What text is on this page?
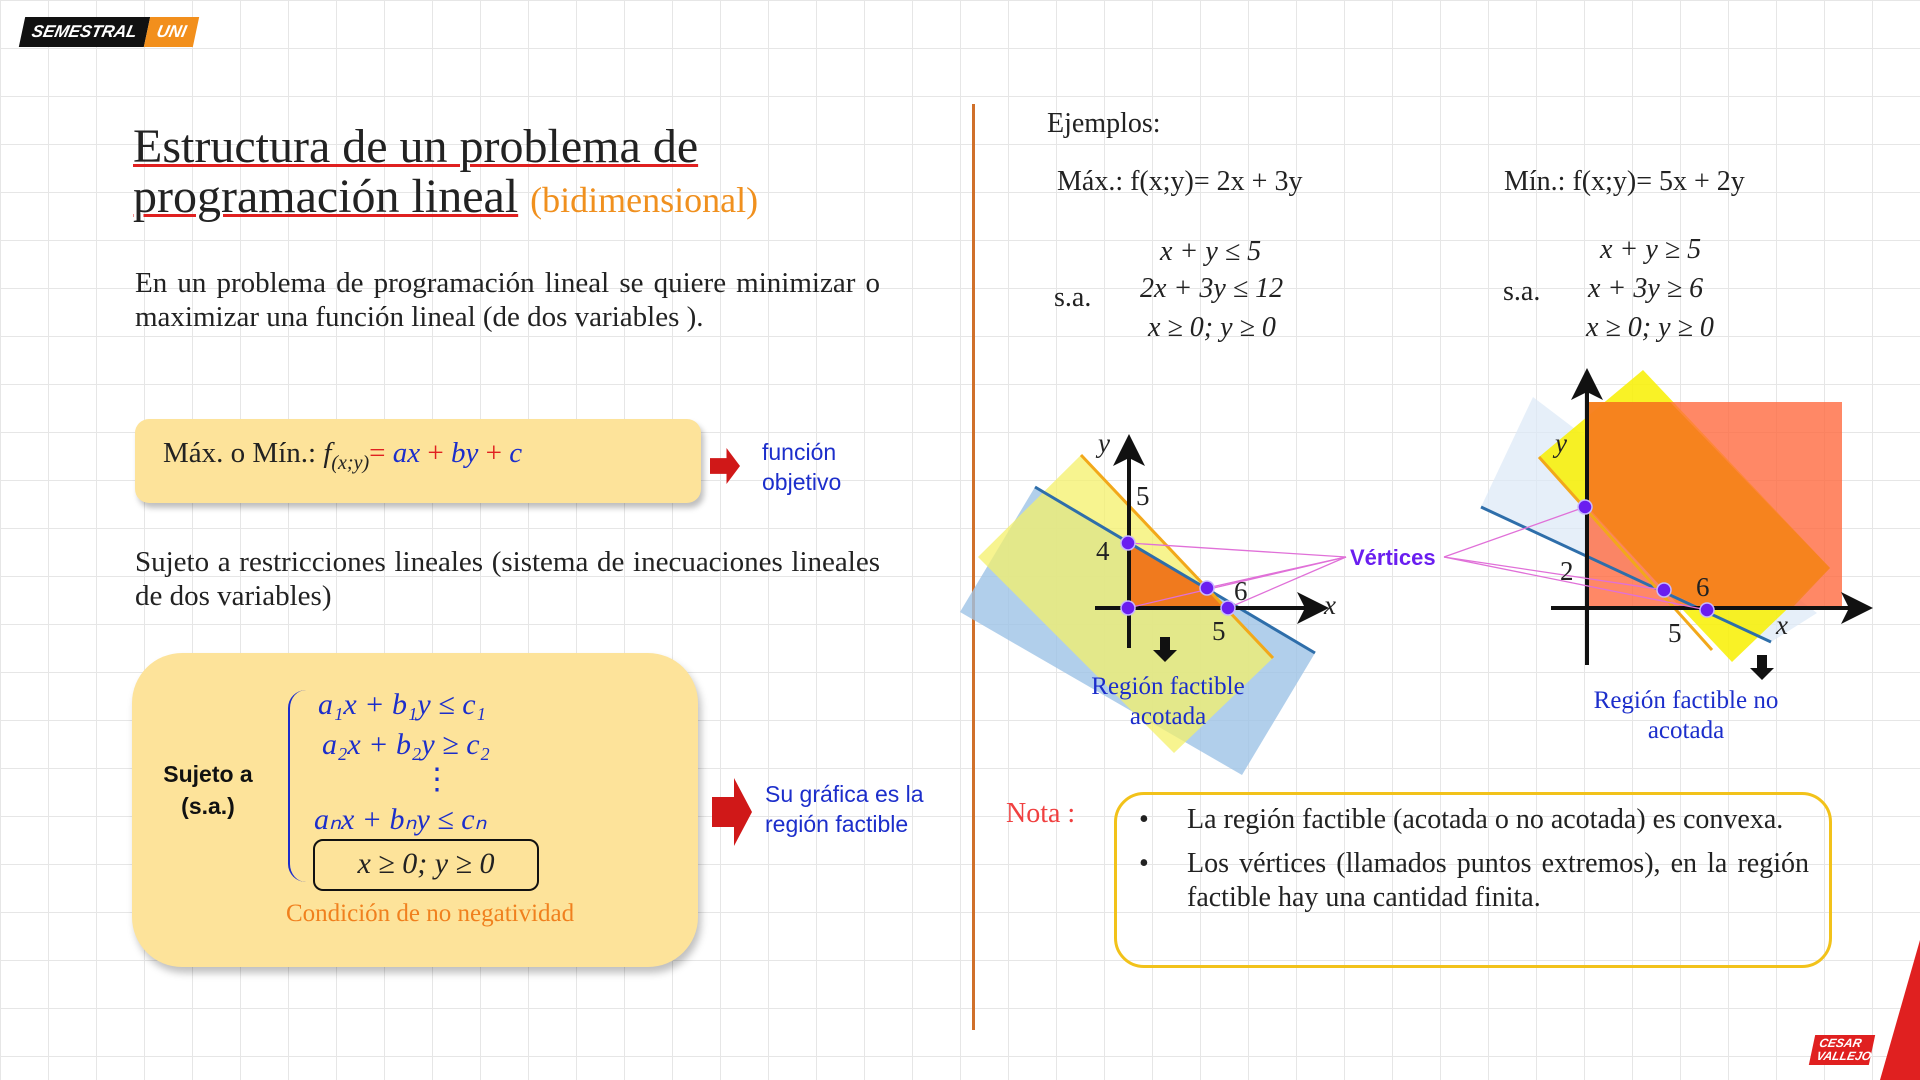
SEMESTRAL UNI
Estructura de un problema de
programación lineal (bidimensional)
En un problema de programación lineal se quiere minimizar o maximizar una función lineal (de dos variables ).
Máx. o Mín.: $f_{(x;y)}=$ ax + by + c	función objetivo
Sujeto a restricciones lineales (sistema de inecuaciones lineales de dos variables)
Sujeto a (s.a.)
a₁x + b₁y ≤ c₁
a₂x + b₂y ≥ c₂
⋮
aₙx + bₙy ≤ cₙ
x ≥ 0; y ≥ 0
Condición de no negatividad
Su gráfica es la región factible
Ejemplos:
Máx.: f(x;y)= 2x + 3y	Mín.: f(x;y)= 5x + 2y
s.a.
x + y ≤ 5
2x + 3y ≤ 12
x ≥ 0; y ≥ 0
s.a.
x + y ≥ 5
x + 3y ≥ 6
x ≥ 0; y ≥ 0
y
5
4
6
5
x
y
2
6
5	x
Vértices
Región factible acotada
Región factible no acotada
Nota :	• La región factible (acotada o no acotada) es convexa.
• Los vértices (llamados puntos extremos), en la región factible hay una cantidad finita.
CESAR VALLEJO
